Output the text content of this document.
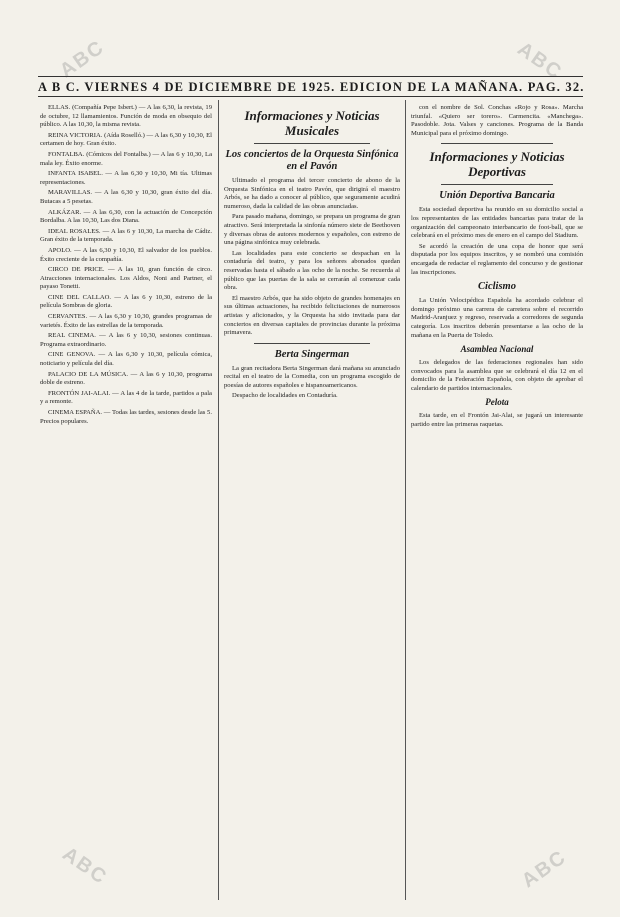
ABC	ABC
ABC	ABC
A B C. VIERNES 4 DE DICIEMBRE DE 1925. EDICION DE LA MAÑANA. PAG. 32.

ELLAS. (Compañía Pepe Isbert.) — A las 6,30, la revista, 19 de octubre, 12 llamamientos. Función de moda en obsequio del público. A las 10,30, la misma revista.

REINA VICTORIA. (Aída Roselló.) — A las 6,30 y 10,30, El certamen de hoy. Gran éxito.

FONTALBA. (Cómicos del Fontalba.) — A las 6 y 10,30, La mala ley. Éxito enorme.

INFANTA ISABEL. — A las 6,30 y 10,30, Mi tía. Ultimas representaciones.

MARAVILLAS. — A las 6,30 y 10,30, gran éxito del día. Butacas a 5 pesetas.

ALKÁZAR. — A las 6,30, con la actuación de Concepción Bordalba. A las 10,30, Las dos Diana.

IDEAL ROSALES. — A las 6 y 10,30, La marcha de Cádiz. Gran éxito de la temporada.

APOLO. — A las 6,30 y 10,30, El salvador de los pueblos. Éxito creciente de la compañía.

CIRCO DE PRICE. — A las 10, gran función de circo. Atracciones internacionales. Los Aldos, Noni and Partner, el payaso Tonetti.

CINE DEL CALLAO. — A las 6 y 10,30, estreno de la película Sombras de gloria.

CERVANTES. — A las 6,30 y 10,30, grandes programas de varietés. Éxito de las estrellas de la temporada.

REAL CINEMA. — A las 6 y 10,30, sesiones continuas. Programa extraordinario.

CINE GENOVA. — A las 6,30 y 10,30, película cómica, noticiario y película del día.

PALACIO DE LA MÚSICA. — A las 6 y 10,30, programa doble de estreno.

FRONTÓN JAI-ALAI. — A las 4 de la tarde, partidos a pala y a remonte.

CINEMA ESPAÑA. — Todas las tardes, sesiones desde las 5. Precios populares.

Informaciones y Noticias Musicales
Los conciertos de la Orquesta Sinfónica en el Pavón

Ultimado el programa del tercer concierto de abono de la Orquesta Sinfónica en el teatro Pavón, que dirigirá el maestro Arbós, se ha dado a conocer al público, que seguramente acudirá numeroso, dada la calidad de las obras anunciadas.

Para pasado mañana, domingo, se prepara un programa de gran atractivo. Será interpretada la sinfonía número siete de Beethoven y diversas obras de autores modernos y españoles, con estreno de una página sinfónica muy celebrada.

Las localidades para este concierto se despachan en la contaduría del teatro, y para los señores abonados quedan reservadas hasta el sábado a las ocho de la noche. Se recuerda al público que las puertas de la sala se cerrarán al comenzar cada obra.

El maestro Arbós, que ha sido objeto de grandes homenajes en sus últimas actuaciones, ha recibido felicitaciones de numerosos artistas y aficionados, y la Orquesta ha sido invitada para dar conciertos en diversas capitales de provincias durante la próxima primavera.

Berta Singerman

La gran recitadora Berta Singerman dará mañana su anunciado recital en el teatro de la Comedia, con un programa escogido de poesías de autores españoles e hispanoamericanos.

Despacho de localidades en Contaduría.

con el nombre de Sol. Conchas «Rojo y Rosa». Marcha triunfal. «Quiero ser torero». Carmencita. «Manchega». Pasodoble. Jota. Valses y canciones. Programa de la Banda Municipal para el próximo domingo.

Informaciones y Noticias Deportivas
Unión Deportiva Bancaria

Esta sociedad deportiva ha reunido en su domicilio social a los representantes de las entidades bancarias para tratar de la organización del campeonato interbancario de foot-ball, que se celebrará en el próximo mes de enero en el campo del Stadium.

Se acordó la creación de una copa de honor que será disputada por los equipos inscritos, y se nombró una comisión encargada de redactar el reglamento del concurso y de gestionar las inscripciones.

Ciclismo

La Unión Velocipédica Española ha acordado celebrar el domingo próximo una carrera de carretera sobre el recorrido Madrid-Aranjuez y regreso, reservada a corredores de segunda categoría. Los inscritos deberán presentarse a las ocho de la mañana en la Puerta de Toledo.

Asamblea Nacional

Los delegados de las federaciones regionales han sido convocados para la asamblea que se celebrará el día 12 en el domicilio de la Federación Española, con objeto de aprobar el calendario de partidos internacionales.

Pelota

Esta tarde, en el Frontón Jai-Alai, se jugará un interesante partido entre las primeras raquetas.
